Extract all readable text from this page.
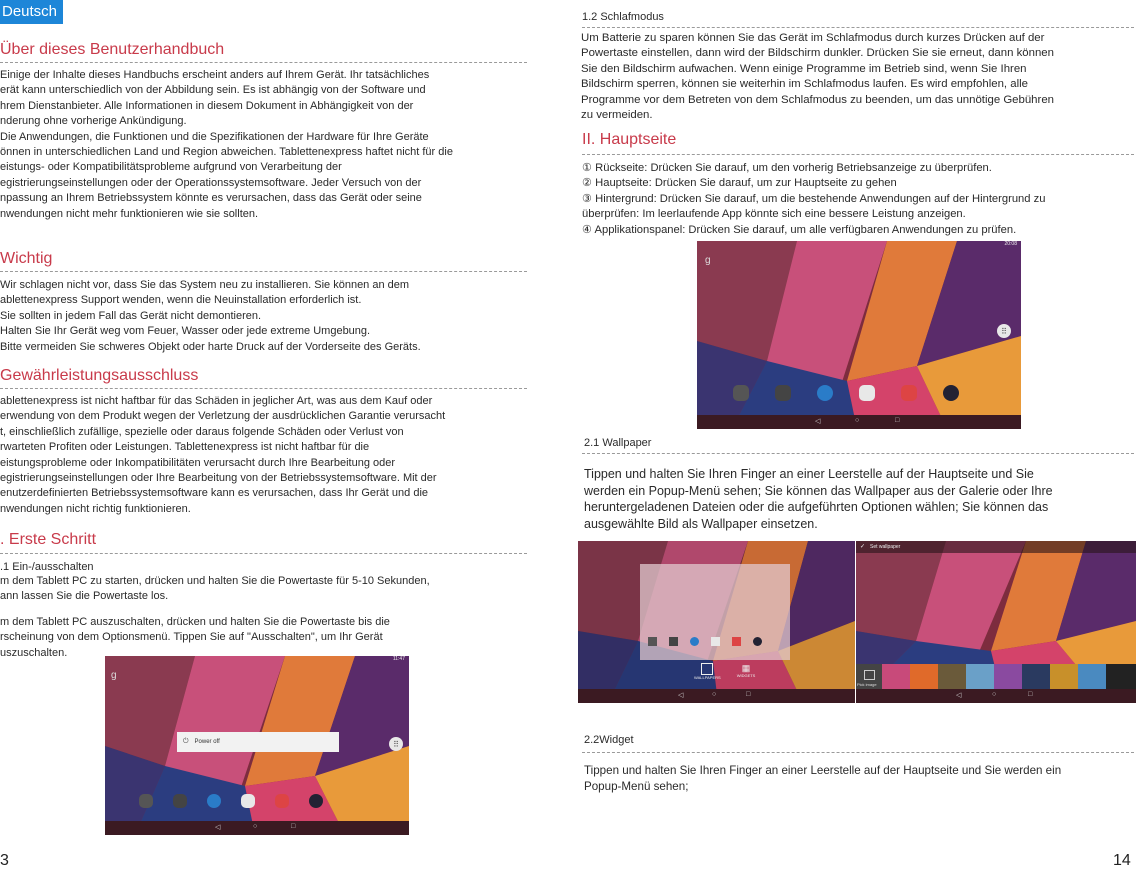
Deutsch
Über dieses Benutzerhandbuch
Einige der Inhalte dieses Handbuchs erscheint anders auf Ihrem Gerät. Ihr tatsächliches
erät kann unterschiedlich von der Abbildung sein. Es ist abhängig von der Software und
hrem Dienstanbieter. Alle Informationen in diesem Dokument in Abhängigkeit von der
nderung ohne vorherige Ankündigung.
Die Anwendungen, die Funktionen und die Spezifikationen der Hardware für Ihre Geräte
önnen in unterschiedlichen Land und Region abweichen. Tablettenexpress haftet nicht für die
eistungs- oder Kompatibilitätsprobleme aufgrund von Verarbeitung der
egistrierungseinstellungen oder der Operationssystemsoftware. Jeder Versuch von der
npassung an Ihrem Betriebssystem könnte es verursachen, dass das Gerät oder seine
nwendungen nicht mehr funktionieren wie sie sollten.
Wichtig
Wir schlagen nicht vor, dass Sie das System neu zu installieren. Sie können an dem
ablettenexpress Support wenden, wenn die Neuinstallation erforderlich ist.
Sie sollten in jedem Fall das Gerät nicht demontieren.
Halten Sie Ihr Gerät weg vom Feuer, Wasser oder jede extreme Umgebung.
Bitte vermeiden Sie schweres Objekt oder harte Druck auf der Vorderseite des Geräts.
Gewährleistungsausschluss
ablettenexpress ist nicht haftbar für das Schäden in jeglicher Art, was aus dem Kauf oder
erwendung von dem Produkt wegen der Verletzung der ausdrücklichen Garantie verursacht
t, einschließlich zufällige, spezielle oder daraus folgende Schäden oder Verlust von
rwarteten Profiten oder Leistungen. Tablettenexpress ist nicht haftbar für die
eistungsprobleme oder Inkompatibilitäten verursacht durch Ihre Bearbeitung oder
egistrierungseinstellungen oder Ihre Bearbeitung von der Betriebssystemsoftware. Mit der
enutzerdefinierten Betriebssystemsoftware kann es verursachen, dass Ihr Gerät und die
nwendungen nicht richtig funktionieren.
. Erste Schritt
.1 Ein-/ausschalten
m dem Tablett PC zu starten, drücken und halten Sie die Powertaste für 5-10 Sekunden,
ann lassen Sie die Powertaste los.
m dem Tablett PC auszuschalten, drücken und halten Sie die Powertaste bis die
rscheinung von dem Optionsmenü. Tippen Sie auf "Ausschalten", um Ihr Gerät
uszuschalten.
11:47
g
⏻ Power off	⠿
◁	○	□
3
1.2 Schlafmodus
Um Batterie zu sparen können Sie das Gerät im Schlafmodus durch kurzes Drücken auf der
Powertaste einstellen, dann wird der Bildschirm dunkler. Drücken Sie sie erneut, dann können
Sie den Bildschirm aufwachen. Wenn einige Programme im Betrieb sind, wenn Sie Ihren
Bildschirm sperren, können sie weiterhin im Schlafmodus laufen. Es wird empfohlen, alle
Programme vor dem Betreten von dem Schlafmodus zu beenden, um das unnötige Gebühren
zu vermeiden.
II. Hauptseite
① Rückseite: Drücken Sie darauf, um den vorherig Betriebsanzeige zu überprüfen.
② Hauptseite: Drücken Sie darauf, um zur Hauptseite zu gehen
③ Hintergrund: Drücken Sie darauf, um die bestehende Anwendungen auf der Hintergrund zu
überprüfen: Im leerlaufende App könnte sich eine bessere Leistung anzeigen.
④ Applikationspanel: Drücken Sie darauf, um alle verfügbaren Anwendungen zu prüfen.
20:08
g
⠿
◁	○	□
2.1 Wallpaper
Tippen und halten Sie Ihren Finger an einer Leerstelle auf der Hauptseite und Sie
werden ein Popup-Menü sehen; Sie können das Wallpaper aus der Galerie oder Ihre
heruntergeladenen Dateien oder die aufgeführten Optionen wählen; Sie können das
ausgewählte Bild als Wallpaper einsetzen.
WALLPAPERS
▦
WIDGETS
◁	○	□
✓ Set wallpaper
Pick image
◁	○	□
2.2Widget
Tippen und halten Sie Ihren Finger an einer Leerstelle auf der Hauptseite und Sie werden ein
Popup-Menü sehen;
14
